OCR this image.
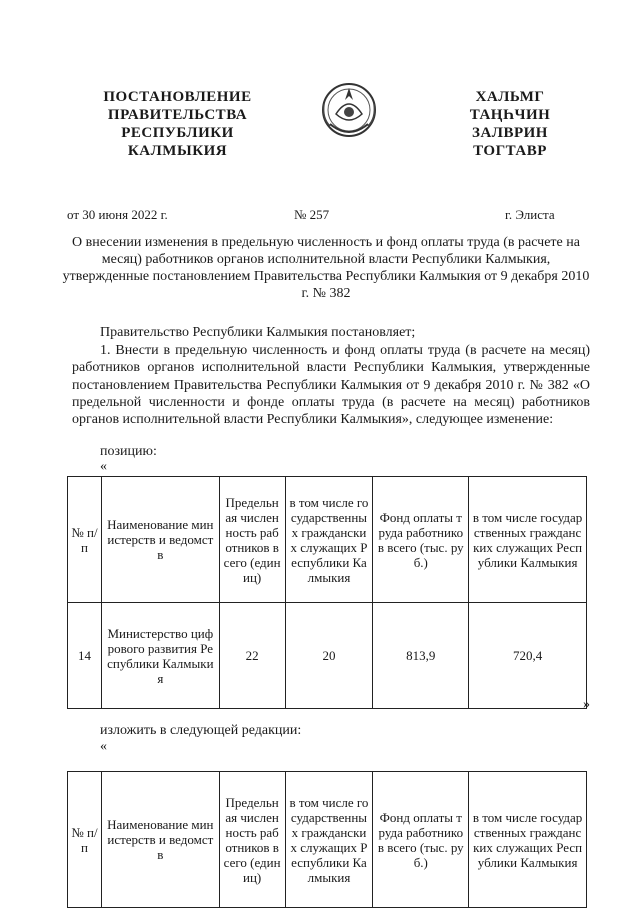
ПОСТАНОВЛЕНИЕ
ПРАВИТЕЛЬСТВА
РЕСПУБЛИКИ
КАЛМЫКИЯ
ХАЛЬМГ
ТАҢҺЧИН
ЗАЛВРИН
ТОГТАВР
от 30 июня 2022 г.	№ 257	г. Элиста
О внесении изменения в предельную численность и фонд оплаты труда (в расчете на месяц) работников органов исполнительной власти Республики Калмыкия, утвержденные постановлением Правительства Республики Калмыкия от 9 декабря 2010 г. № 382
Правительство Республики Калмыкия постановляет;
1. Внести в предельную численность и фонд оплаты труда (в расчете на месяц) работников органов исполнительной власти Республики Калмыкия, утвержденные постановлением Правительства Республики Калмыкия от 9 декабря 2010 г. № 382 «О предельной численности и фонде оплаты труда (в расчете на месяц) работников органов исполнительной власти Республики Калмыкия», следующее изменение:
позицию:
«
№ п/п	Наименование министерств и ведомств	Предельная численность работников всего (единиц)	в том числе государственных гражданских служащих Республики Калмыкия	Фонд оплаты труда работников всего (тыс. руб.)	в том числе государственных гражданских служащих Республики Калмыкия
14	Министерство цифрового развития Республики Калмыкия	22	20	813,9	720,4
»
изложить в следующей редакции:
«
№ п/п	Наименование министерств и ведомств	Предельная численность работников всего (единиц)	в том числе государственных гражданских служащих Республики Калмыкия	Фонд оплаты труда работников всего (тыс. руб.)	в том числе государственных гражданских служащих Республики Калмыкия
